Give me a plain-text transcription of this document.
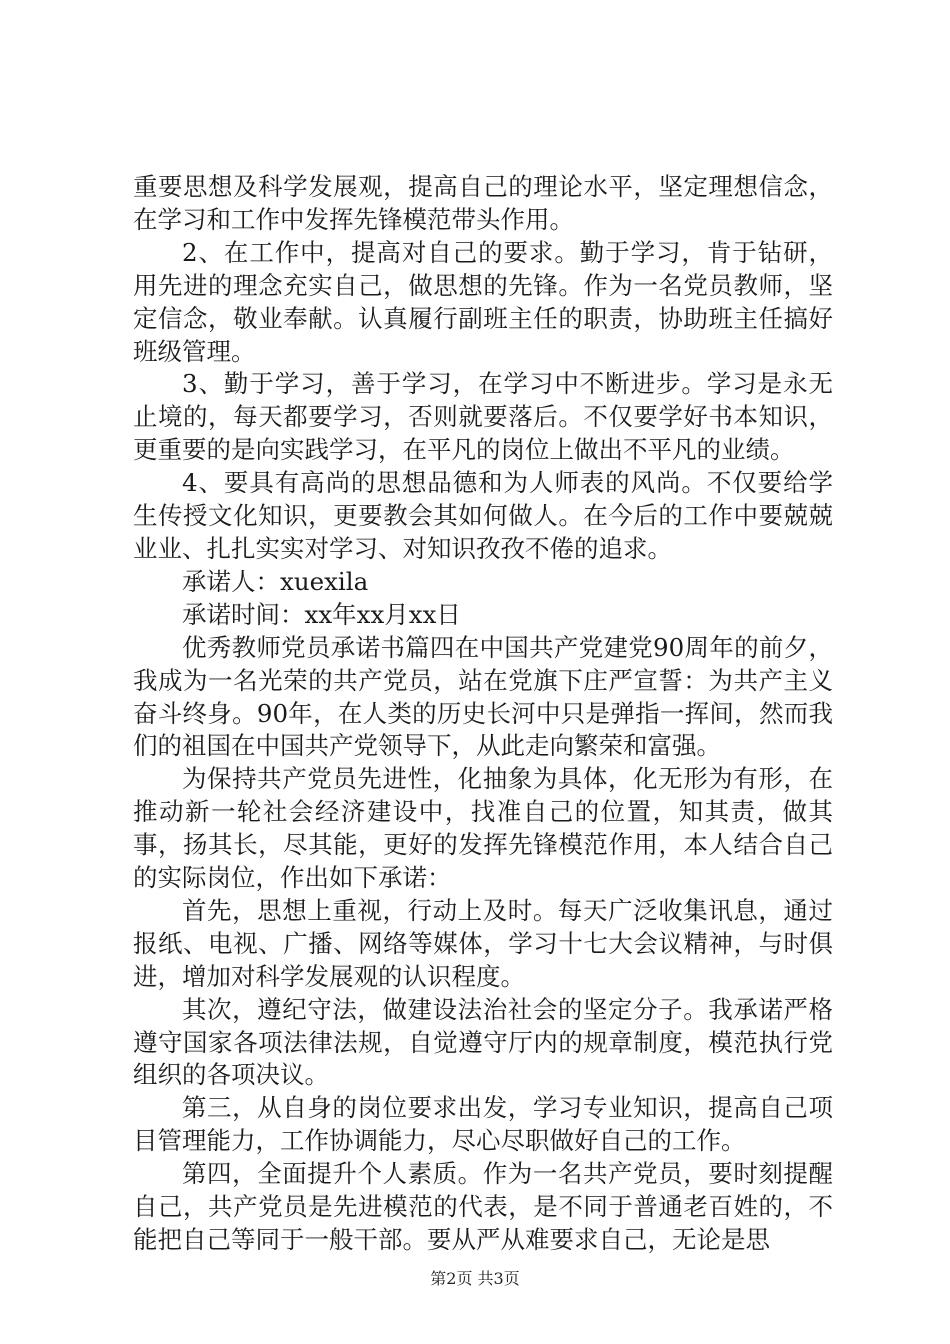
重要思想及科学发展观，提高自己的理论水平，坚定理想信念，在学习和工作中发挥先锋模范带头作用。

2、在工作中，提高对自己的要求。勤于学习，肯于钻研，用先进的理念充实自己，做思想的先锋。作为一名党员教师，坚定信念，敬业奉献。认真履行副班主任的职责，协助班主任搞好班级管理。

3、勤于学习，善于学习，在学习中不断进步。学习是永无止境的，每天都要学习，否则就要落后。不仅要学好书本知识，更重要的是向实践学习，在平凡的岗位上做出不平凡的业绩。

4、要具有高尚的思想品德和为人师表的风尚。不仅要给学生传授文化知识，更要教会其如何做人。在今后的工作中要兢兢业业、扎扎实实对学习、对知识孜孜不倦的追求。

承诺人：xuexila

承诺时间：xx年xx月xx日

优秀教师党员承诺书篇四在中国共产党建党90周年的前夕，我成为一名光荣的共产党员，站在党旗下庄严宣誓：为共产主义奋斗终身。90年，在人类的历史长河中只是弹指一挥间，然而我们的祖国在中国共产党领导下，从此走向繁荣和富强。

为保持共产党员先进性，化抽象为具体，化无形为有形，在推动新一轮社会经济建设中，找准自己的位置，知其责，做其事，扬其长，尽其能，更好的发挥先锋模范作用，本人结合自己的实际岗位，作出如下承诺：

首先，思想上重视，行动上及时。每天广泛收集讯息，通过报纸、电视、广播、网络等媒体，学习十七大会议精神，与时俱进，增加对科学发展观的认识程度。

其次，遵纪守法，做建设法治社会的坚定分子。我承诺严格遵守国家各项法律法规，自觉遵守厅内的规章制度，模范执行党组织的各项决议。

第三，从自身的岗位要求出发，学习专业知识，提高自己项目管理能力，工作协调能力，尽心尽职做好自己的工作。

第四，全面提升个人素质。作为一名共产党员，要时刻提醒自己，共产党员是先进模范的代表，是不同于普通老百姓的，不能把自己等同于一般干部。要从严从难要求自己，无论是思

第2页 共3页
